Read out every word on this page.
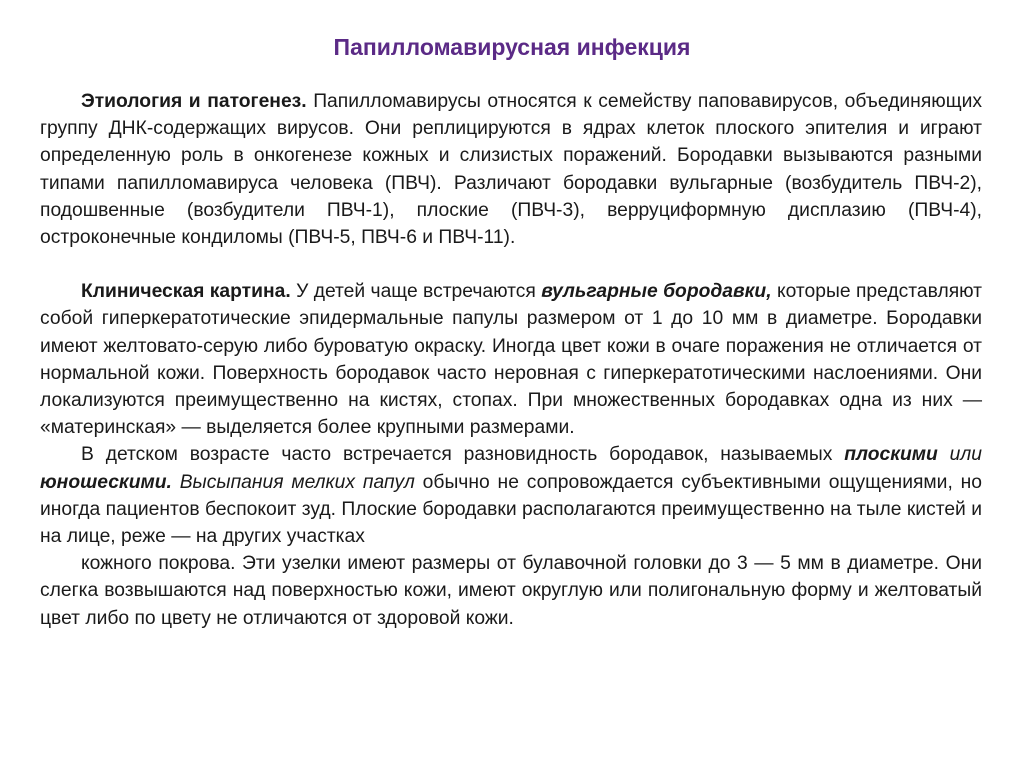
Папилломавирусная инфекция

Этиология и патогенез. Папилломавирусы относятся к семейству паповавирусов, объединяющих группу ДНК-содержащих вирусов. Они реплицируются в ядрах клеток плоского эпителия и играют определенную роль в онкогенезе кожных и слизистых поражений. Бородавки вызываются разными типами папилломавируса человека (ПВЧ). Различают бородавки вульгарные (возбудитель ПВЧ-2), подошвенные (возбудители ПВЧ-1), плоские (ПВЧ-3), верруциформную дисплазию (ПВЧ-4), остроконечные кондиломы (ПВЧ-5, ПВЧ-6 и ПВЧ-11).

Клиническая картина. У детей чаще встречаются вульгарные бородавки, которые представляют собой гиперкератотические эпидермальные папулы размером от 1 до 10 мм в диаметре. Бородавки имеют желтовато-серую либо буроватую окраску. Иногда цвет кожи в очаге поражения не отличается от нормальной кожи. Поверхность бородавок часто неровная с гиперкератотическими наслоениями. Они локализуются преимущественно на кистях, стопах. При множественных бородавках одна из них — «материнская» — выделяется более крупными размерами.

В детском возрасте часто встречается разновидность бородавок, называемых плоскими или юношескими. Высыпания мелких папул обычно не сопровождается субъективными ощущениями, но иногда пациентов беспокоит зуд. Плоские бородавки располагаются преимущественно на тыле кистей и на лице, реже — на других участках

кожного покрова. Эти узелки имеют размеры от булавочной головки до 3 — 5 мм в диаметре. Они слегка возвышаются над поверхностью кожи, имеют округлую или полигональную форму и желтоватый цвет либо по цвету не отличаются от здоровой кожи.
